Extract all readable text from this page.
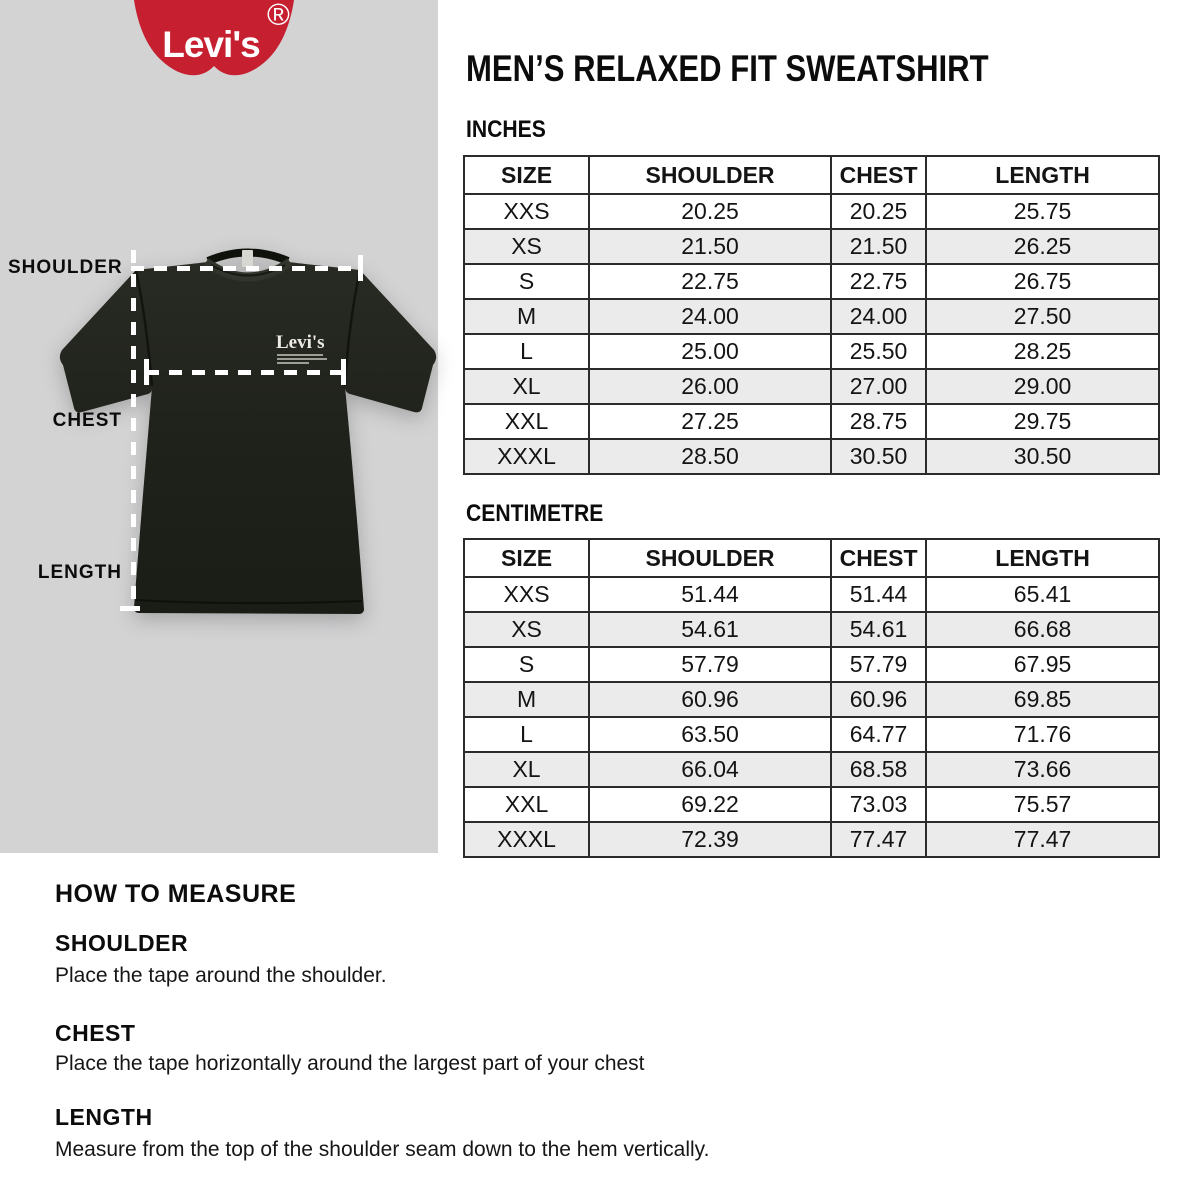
Levi's
®
Levi's
SHOULDER
CHEST
LENGTH
MEN’S RELAXED FIT SWEATSHIRT
INCHES
SIZE	SHOULDER	CHEST	LENGTH
XXS	20.25	20.25	25.75
XS	21.50	21.50	26.25
S	22.75	22.75	26.75
M	24.00	24.00	27.50
L	25.00	25.50	28.25
XL	26.00	27.00	29.00
XXL	27.25	28.75	29.75
XXXL	28.50	30.50	30.50
CENTIMETRE
SIZE	SHOULDER	CHEST	LENGTH
XXS	51.44	51.44	65.41
XS	54.61	54.61	66.68
S	57.79	57.79	67.95
M	60.96	60.96	69.85
L	63.50	64.77	71.76
XL	66.04	68.58	73.66
XXL	69.22	73.03	75.57
XXXL	72.39	77.47	77.47
HOW TO MEASURE
SHOULDER
Place the tape around the shoulder.
CHEST
Place the tape horizontally around the largest part of your chest
LENGTH
Measure from the top of the shoulder seam down to the hem vertically.
